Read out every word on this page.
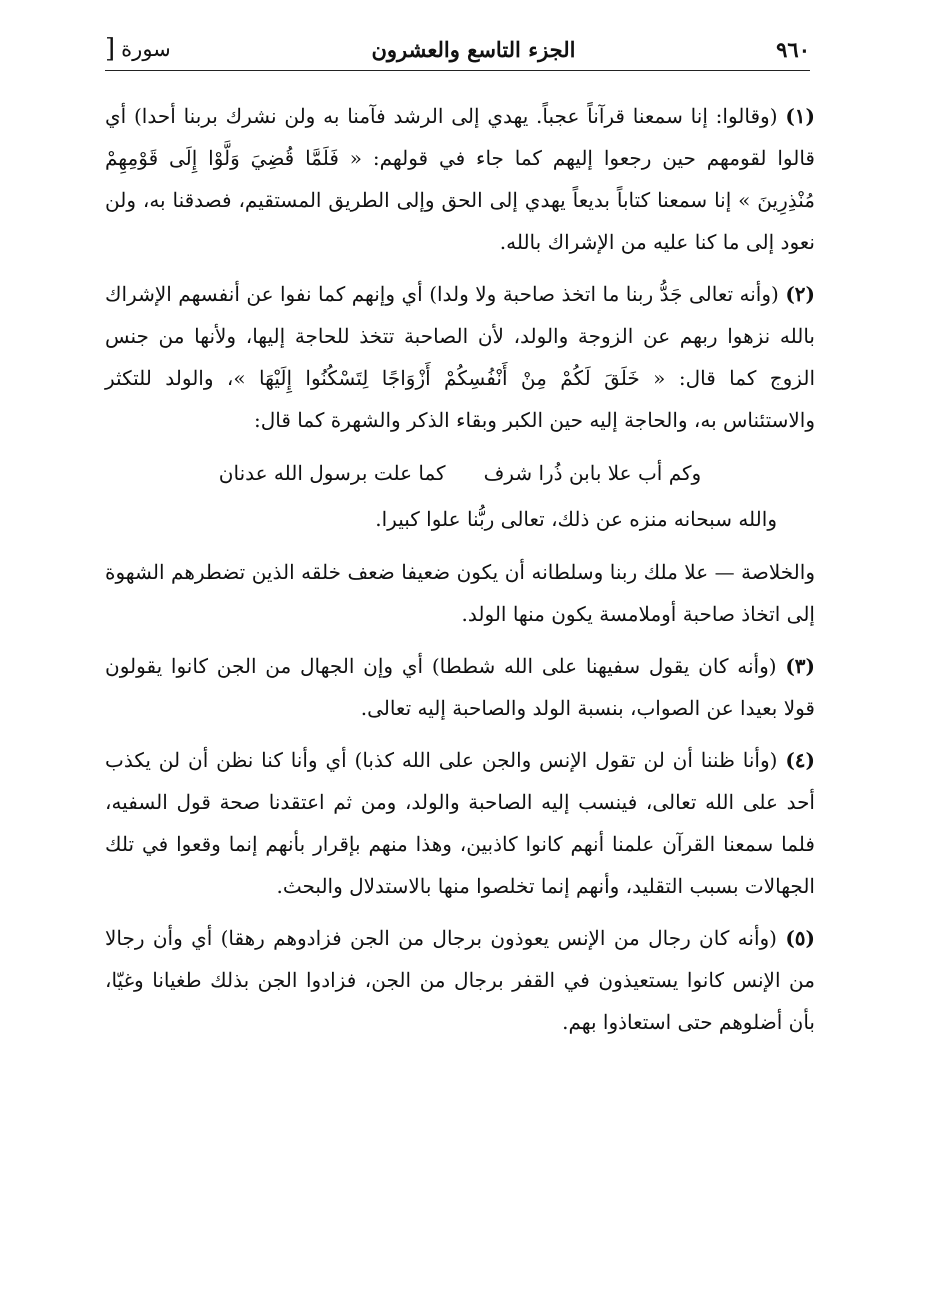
٩٦٠
الجزء التاسع والعشرون
سورة
[

(١) (وقالوا: إنا سمعنا قرآناً عجباً. يهدي إلى الرشد فآمنا به ولن نشرك بربنا أحدا) أي قالوا لقومهم حين رجعوا إليهم كما جاء في قولهم: « فَلَمَّا قُضِيَ وَلَّوْا إِلَى قَوْمِهِمْ مُنْذِرِينَ » إنا سمعنا كتاباً بديعاً يهدي إلى الحق وإلى الطريق المستقيم، فصدقنا به، ولن نعود إلى ما كنا عليه من الإشراك بالله.

(٢) (وأنه تعالى جَدُّ ربنا ما اتخذ صاحبة ولا ولدا) أي وإنهم كما نفوا عن أنفسهم الإشراك بالله نزهوا ربهم عن الزوجة والولد، لأن الصاحبة تتخذ للحاجة إليها، ولأنها من جنس الزوج كما قال: « خَلَقَ لَكُمْ مِنْ أَنْفُسِكُمْ أَزْوَاجًا لِتَسْكُنُوا إِلَيْهَا »، والولد للتكثر والاستئناس به، والحاجة إليه حين الكبر وبقاء الذكر والشهرة كما قال:

وكم أب علا بابن ذُرا شرف
كما علت برسول الله عدنان

والله سبحانه منزه عن ذلك، تعالى ربُّنا علوا كبيرا.

والخلاصة — علا ملك ربنا وسلطانه أن يكون ضعيفا ضعف خلقه الذين تضطرهم الشهوة إلى اتخاذ صاحبة أوملامسة يكون منها الولد.

(٣) (وأنه كان يقول سفيهنا على الله شططا) أي وإن الجهال من الجن كانوا يقولون قولا بعيدا عن الصواب، بنسبة الولد والصاحبة إليه تعالى.

(٤) (وأنا ظننا أن لن تقول الإنس والجن على الله كذبا) أي وأنا كنا نظن أن لن يكذب أحد على الله تعالى، فينسب إليه الصاحبة والولد، ومن ثم اعتقدنا صحة قول السفيه، فلما سمعنا القرآن علمنا أنهم كانوا كاذبين، وهذا منهم بإقرار بأنهم إنما وقعوا في تلك الجهالات بسبب التقليد، وأنهم إنما تخلصوا منها بالاستدلال والبحث.

(٥) (وأنه كان رجال من الإنس يعوذون برجال من الجن فزادوهم رهقا) أي وأن رجالا من الإنس كانوا يستعيذون في القفر برجال من الجن، فزادوا الجن بذلك طغيانا وغيّا، بأن أضلوهم حتى استعاذوا بهم.
